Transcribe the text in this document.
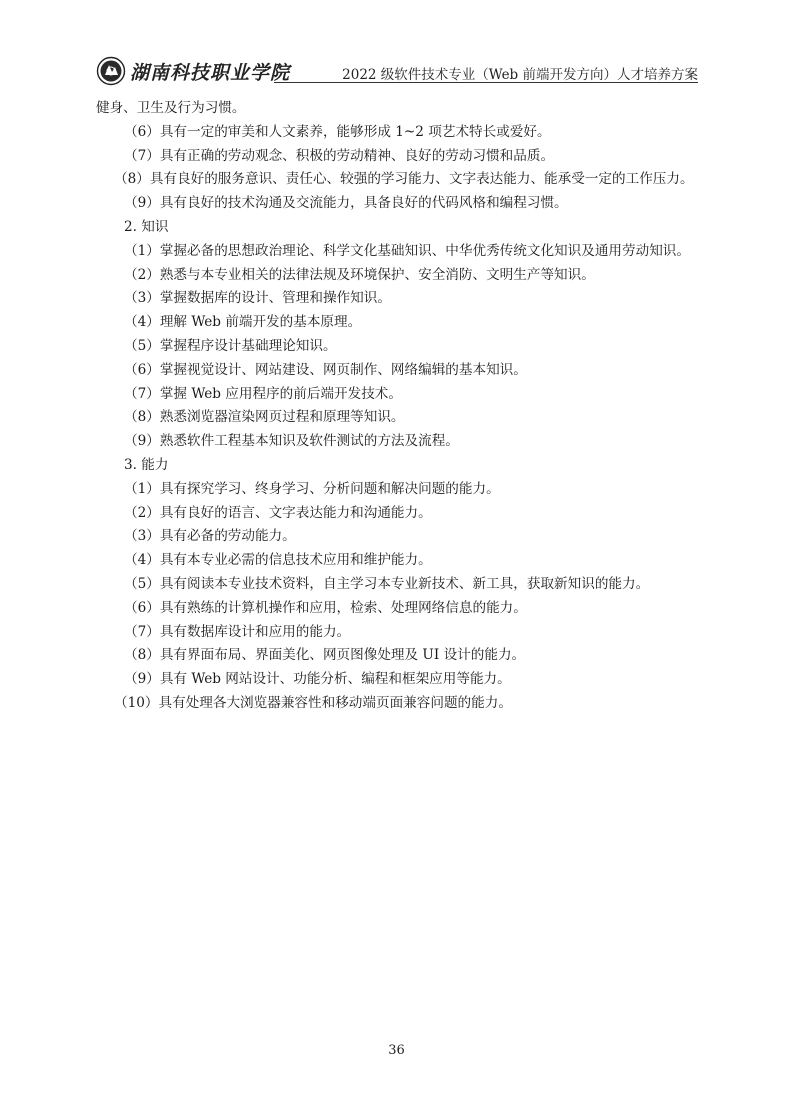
湖南科技职业学院	2022 级软件技术专业（Web 前端开发方向）人才培养方案
健身、卫生及行为习惯。
（6）具有一定的审美和人文素养，能够形成 1~2 项艺术特长或爱好。
（7）具有正确的劳动观念、积极的劳动精神、良好的劳动习惯和品质。
（8）具有良好的服务意识、责任心、较强的学习能力、文字表达能力、能承受一定的工作压力。
（9）具有良好的技术沟通及交流能力，具备良好的代码风格和编程习惯。
2. 知识
（1）掌握必备的思想政治理论、科学文化基础知识、中华优秀传统文化知识及通用劳动知识。
（2）熟悉与本专业相关的法律法规及环境保护、安全消防、文明生产等知识。
（3）掌握数据库的设计、管理和操作知识。
（4）理解 Web 前端开发的基本原理。
（5）掌握程序设计基础理论知识。
（6）掌握视觉设计、网站建设、网页制作、网络编辑的基本知识。
（7）掌握 Web 应用程序的前后端开发技术。
（8）熟悉浏览器渲染网页过程和原理等知识。
（9）熟悉软件工程基本知识及软件测试的方法及流程。
3. 能力
（1）具有探究学习、终身学习、分析问题和解决问题的能力。
（2）具有良好的语言、文字表达能力和沟通能力。
（3）具有必备的劳动能力。
（4）具有本专业必需的信息技术应用和维护能力。
（5）具有阅读本专业技术资料，自主学习本专业新技术、新工具，获取新知识的能力。
（6）具有熟练的计算机操作和应用，检索、处理网络信息的能力。
（7）具有数据库设计和应用的能力。
（8）具有界面布局、界面美化、网页图像处理及 UI 设计的能力。
（9）具有 Web 网站设计、功能分析、编程和框架应用等能力。
（10）具有处理各大浏览器兼容性和移动端页面兼容问题的能力。
36
